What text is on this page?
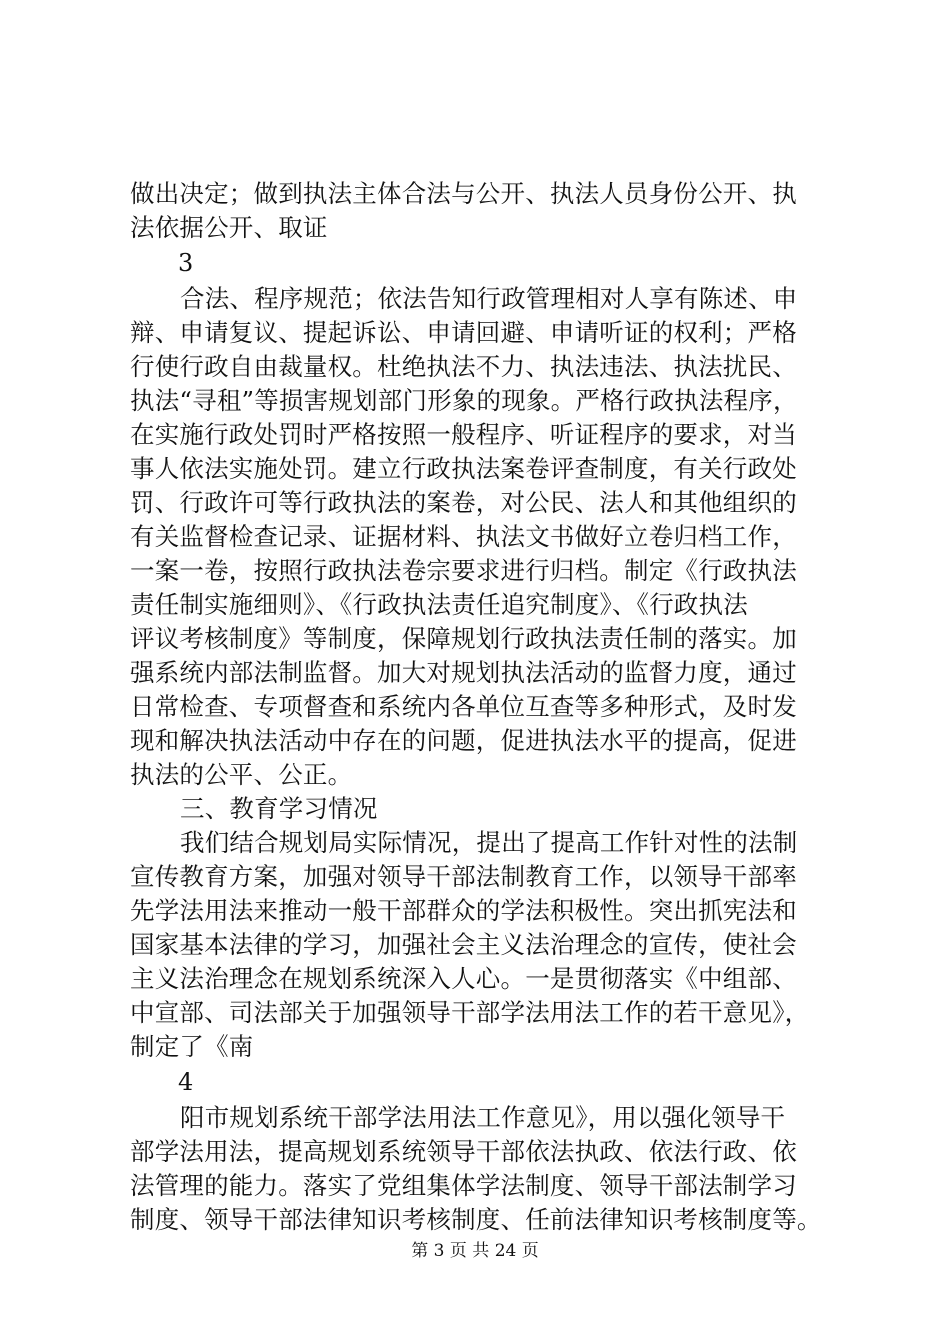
做出决定；做到执法主体合法与公开、执法人员身份公开、执
法依据公开、取证
3
合法、程序规范；依法告知行政管理相对人享有陈述、申
辩、申请复议、提起诉讼、申请回避、申请听证的权利；严格
行使行政自由裁量权。杜绝执法不力、执法违法、执法扰民、
执法“寻租”等损害规划部门形象的现象。严格行政执法程序，
在实施行政处罚时严格按照一般程序、听证程序的要求，对当
事人依法实施处罚。建立行政执法案卷评查制度，有关行政处
罚、行政许可等行政执法的案卷，对公民、法人和其他组织的
有关监督检查记录、证据材料、执法文书做好立卷归档工作，
一案一卷，按照行政执法卷宗要求进行归档。制定《行政执法
责任制实施细则》、《行政执法责任追究制度》、《行政执法
评议考核制度》等制度，保障规划行政执法责任制的落实。加
强系统内部法制监督。加大对规划执法活动的监督力度，通过
日常检查、专项督查和系统内各单位互查等多种形式，及时发
现和解决执法活动中存在的问题，促进执法水平的提高，促进
执法的公平、公正。
三、教育学习情况
我们结合规划局实际情况，提出了提高工作针对性的法制
宣传教育方案，加强对领导干部法制教育工作，以领导干部率
先学法用法来推动一般干部群众的学法积极性。突出抓宪法和
国家基本法律的学习，加强社会主义法治理念的宣传，使社会
主义法治理念在规划系统深入人心。一是贯彻落实《中组部、
中宣部、司法部关于加强领导干部学法用法工作的若干意见》，
制定了《南
4
阳市规划系统干部学法用法工作意见》，用以强化领导干
部学法用法，提高规划系统领导干部依法执政、依法行政、依
法管理的能力。落实了党组集体学法制度、领导干部法制学习
制度、领导干部法律知识考核制度、任前法律知识考核制度等。
第 3 页 共 24 页
